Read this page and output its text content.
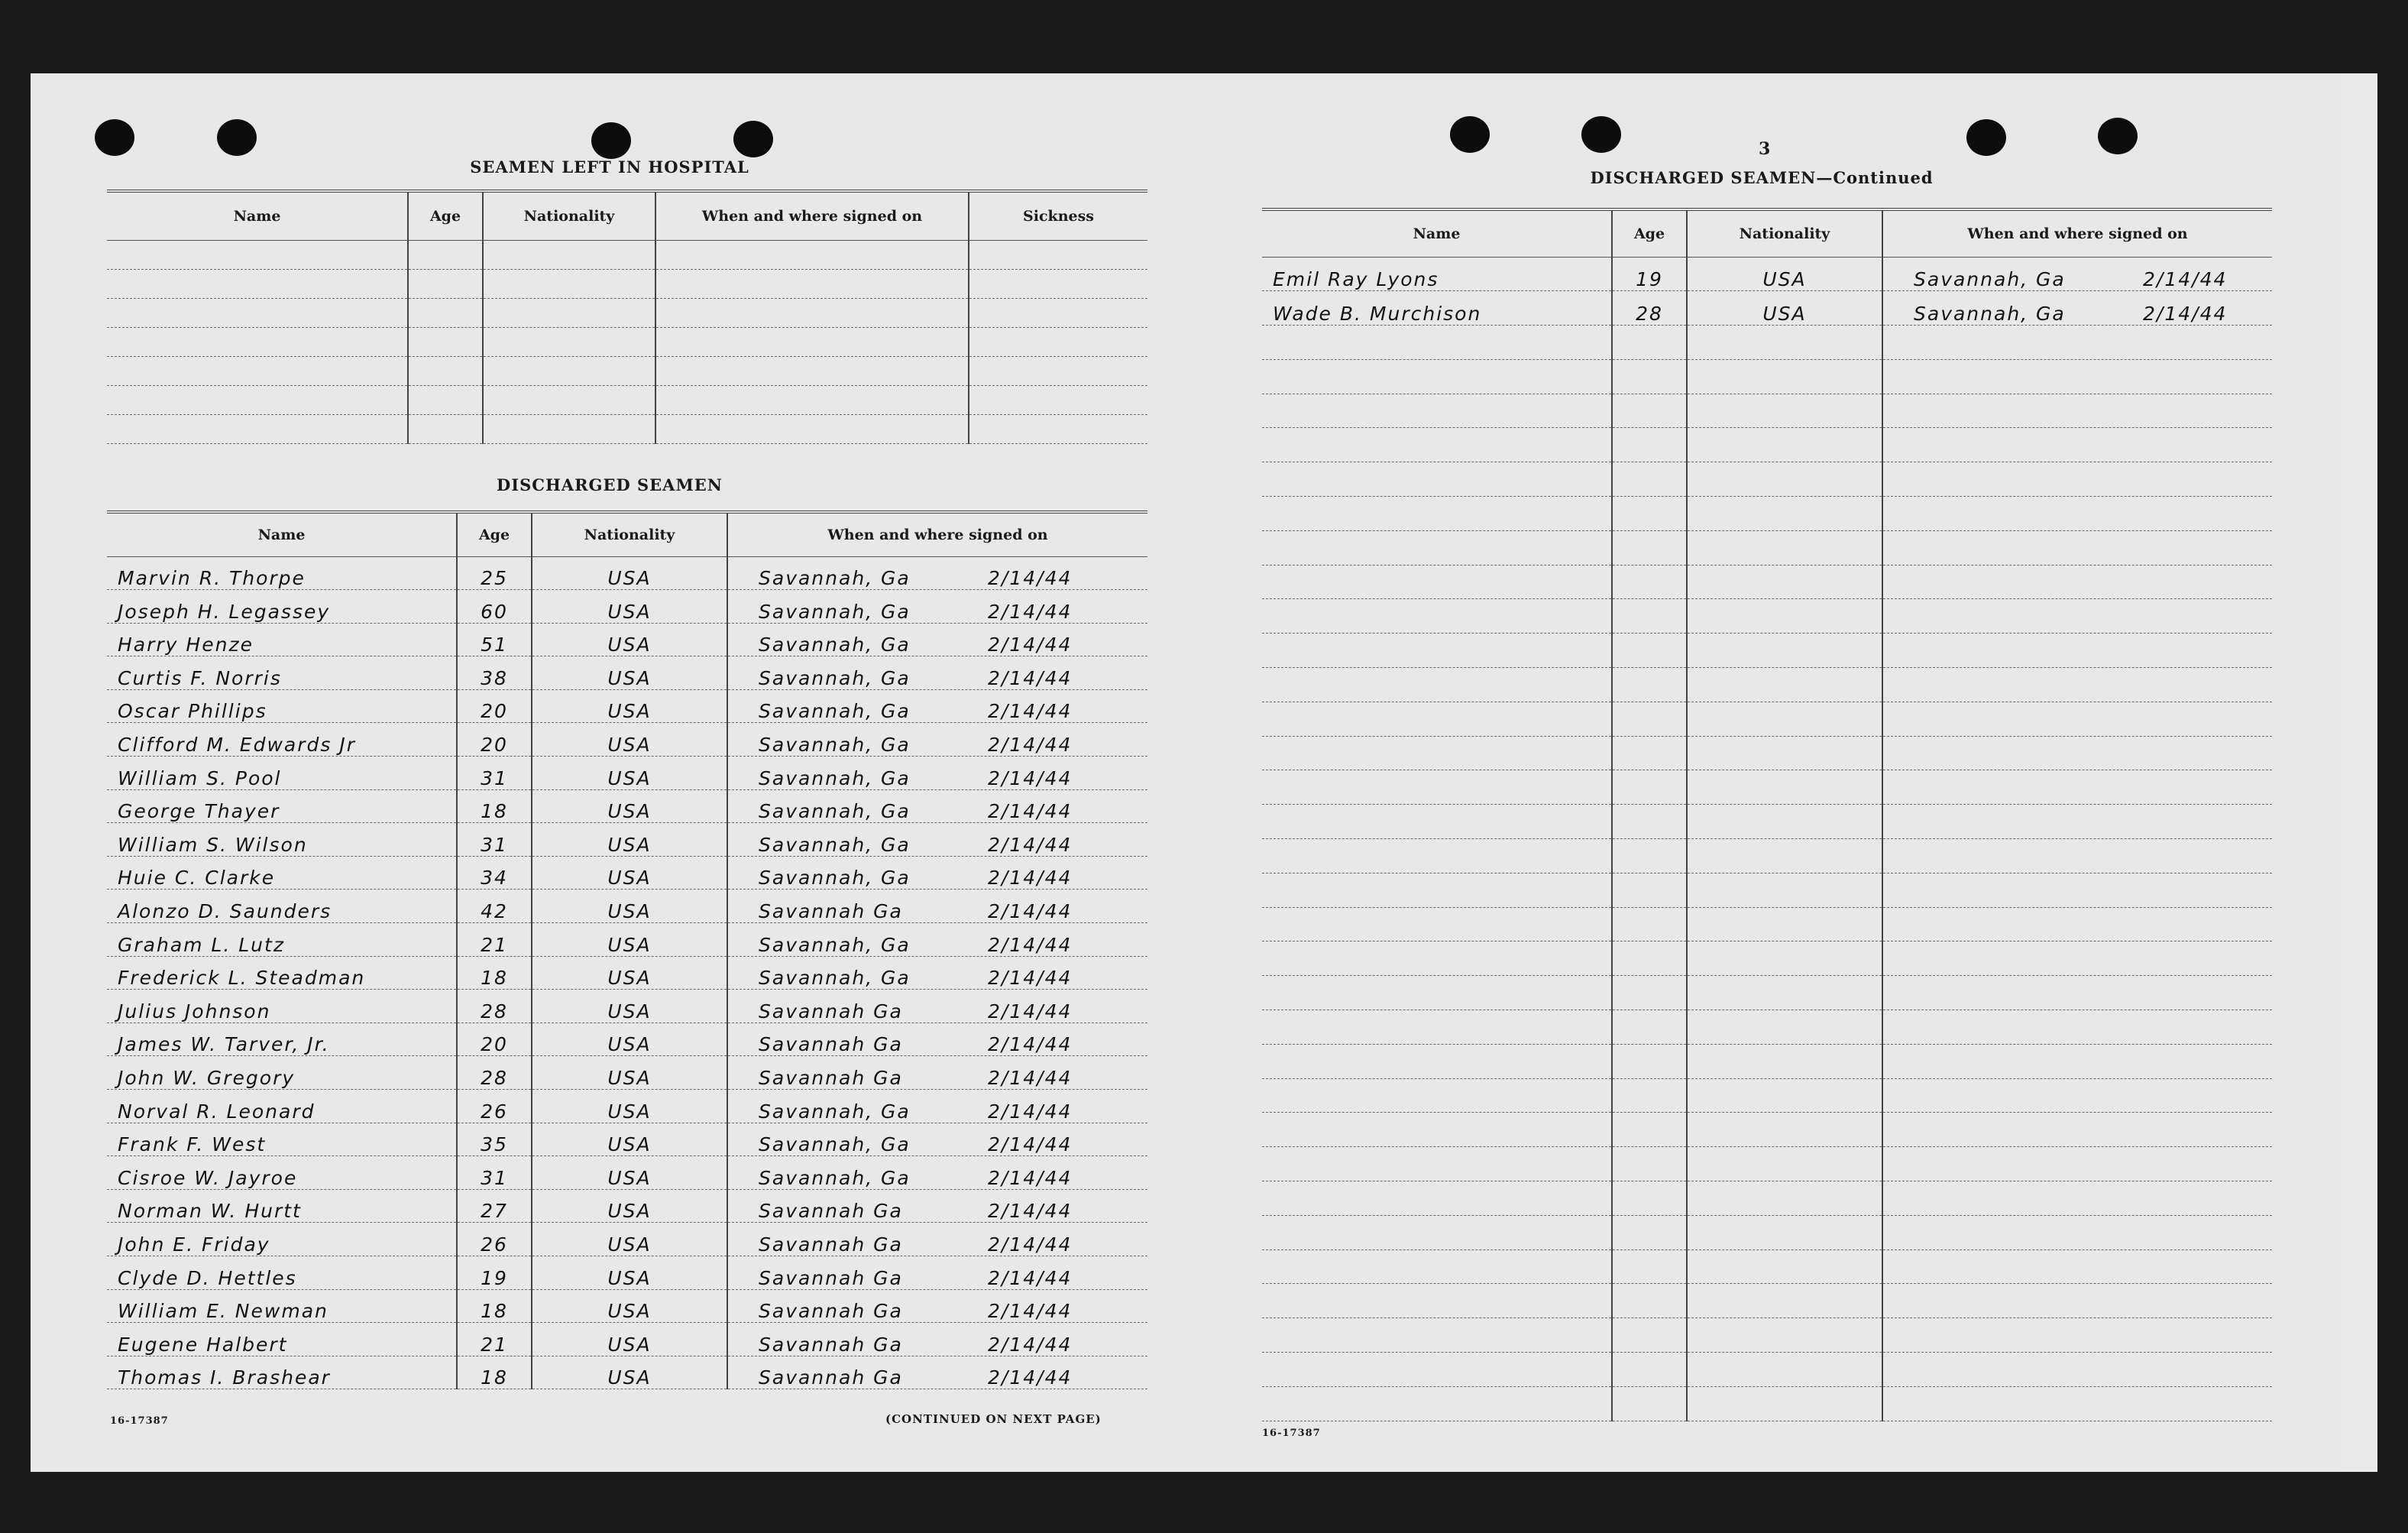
SEAMEN LEFT IN HOSPITAL
Name	Age	Nationality	When and where signed on	Sickness

DISCHARGED SEAMEN
Name	Age	Nationality	When and where signed on
Marvin R. Thorpe	25	USA	Savannah, Ga 2/14/44
Joseph H. Legassey	60	USA	Savannah, Ga 2/14/44
Harry Henze	51	USA	Savannah, Ga 2/14/44
Curtis F. Norris	38	USA	Savannah, Ga 2/14/44
Oscar Phillips	20	USA	Savannah, Ga 2/14/44
Clifford M. Edwards Jr	20	USA	Savannah, Ga 2/14/44
William S. Pool	31	USA	Savannah, Ga 2/14/44
George Thayer	18	USA	Savannah, Ga 2/14/44
William S. Wilson	31	USA	Savannah, Ga 2/14/44
Huie C. Clarke	34	USA	Savannah, Ga 2/14/44
Alonzo D. Saunders	42	USA	Savannah Ga 2/14/44
Graham L. Lutz	21	USA	Savannah, Ga 2/14/44
Frederick L. Steadman	18	USA	Savannah, Ga 2/14/44
Julius Johnson	28	USA	Savannah Ga 2/14/44
James W. Tarver, Jr.	20	USA	Savannah Ga 2/14/44
John W. Gregory	28	USA	Savannah Ga 2/14/44
Norval R. Leonard	26	USA	Savannah, Ga 2/14/44
Frank F. West	35	USA	Savannah, Ga 2/14/44
Cisroe W. Jayroe	31	USA	Savannah, Ga 2/14/44
Norman W. Hurtt	27	USA	Savannah Ga 2/14/44
John E. Friday	26	USA	Savannah Ga 2/14/44
Clyde D. Hettles	19	USA	Savannah Ga 2/14/44
William E. Newman	18	USA	Savannah Ga 2/14/44
Eugene Halbert	21	USA	Savannah Ga 2/14/44
Thomas I. Brashear	18	USA	Savannah Ga 2/14/44
16-17387	(CONTINUED ON NEXT PAGE)
3
DISCHARGED SEAMEN—Continued
Name	Age	Nationality	When and where signed on
Emil Ray Lyons	19	USA	Savannah, Ga 2/14/44
Wade B. Murchison	28	USA	Savannah, Ga 2/14/44

16-17387
